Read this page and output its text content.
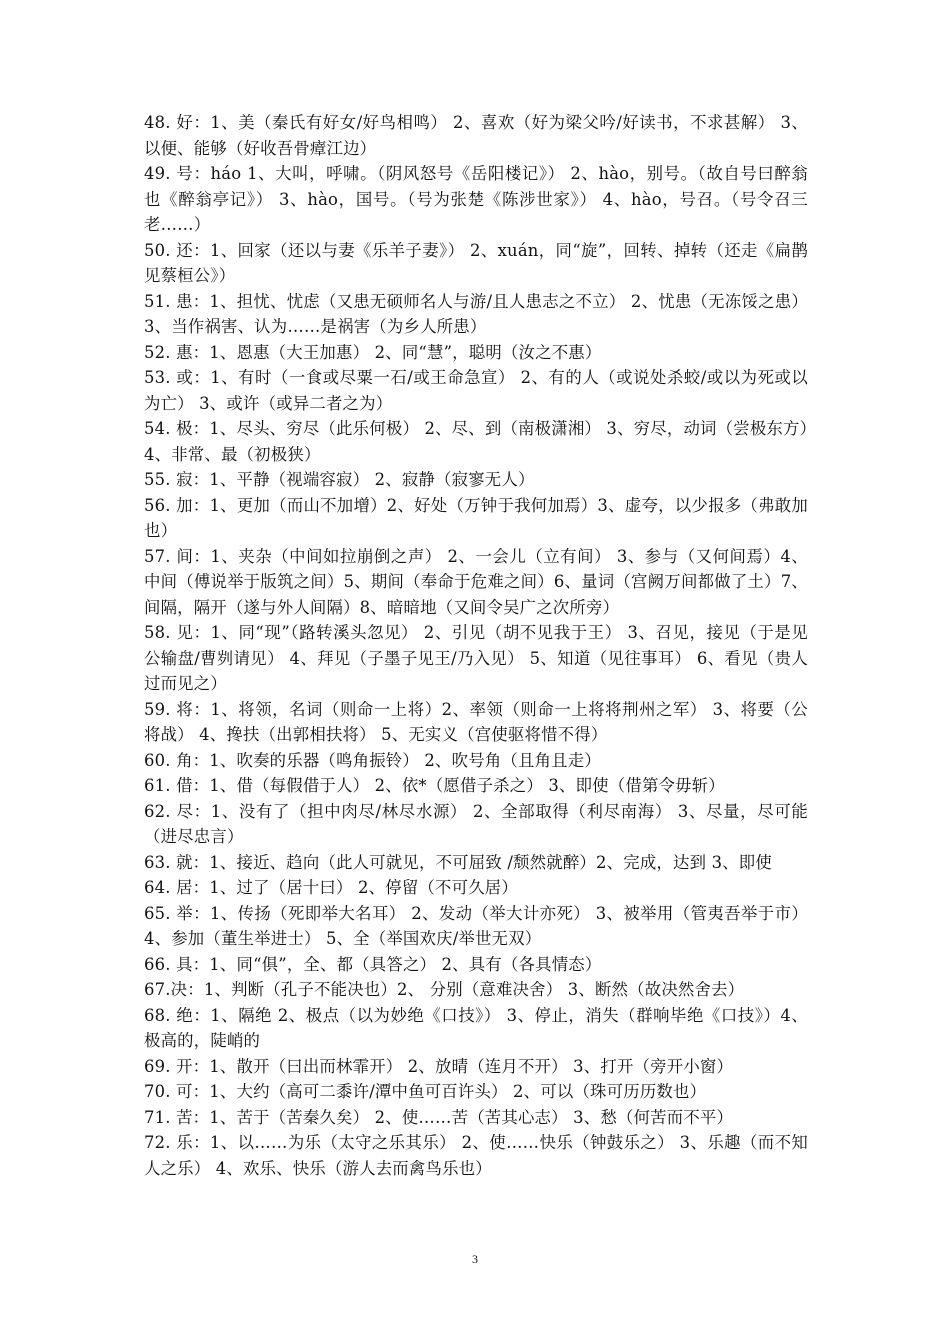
48. 好：1、美（秦氏有好女/好鸟相鸣） 2、喜欢（好为梁父吟/好读书，不求甚解） 3、以便、能够（好收吾骨瘴江边）

49. 号：háo 1、大叫，呼啸。（阴风怒号《岳阳楼记》） 2、hào，别号。（故自号曰醉翁也《醉翁亭记》） 3、hào，国号。（号为张楚《陈涉世家》） 4、hào，号召。（号令召三老……）

50. 还：1、回家（还以与妻《乐羊子妻》） 2、xuán，同“旋”，回转、掉转（还走《扁鹊见蔡桓公》）

51. 患：1、担忧、忧虑（又患无硕师名人与游/且人患志之不立） 2、忧患（无冻馁之患） 3、当作祸害、认为……是祸害（为乡人所患）

52. 惠：1、恩惠（大王加惠） 2、同“慧”，聪明（汝之不惠）

53. 或：1、有时（一食或尽粟一石/或王命急宣） 2、有的人（或说处杀蛟/或以为死或以为亡） 3、或许（或异二者之为）

54. 极：1、尽头、穷尽（此乐何极） 2、尽、到（南极潇湘） 3、穷尽，动词（尝极东方）4、非常、最（初极狭）

55. 寂：1、平静（视端容寂） 2、寂静（寂寥无人）

56. 加：1、更加（而山不加增）2、好处（万钟于我何加焉）3、虚夸，以少报多（弗敢加也）

57. 间：1、夹杂（中间如拉崩倒之声） 2、一会儿（立有间） 3、参与（又何间焉）4、中间（傅说举于版筑之间）5、期间（奉命于危难之间）6、量词（宫阙万间都做了土）7、间隔，隔开（遂与外人间隔）8、暗暗地（又间令吴广之次所旁）

58. 见：1、同“现”（路转溪头忽见） 2、引见（胡不见我于王） 3、召见，接见（于是见公输盘/曹刿请见） 4、拜见（子墨子见王/乃入见） 5、知道（见往事耳） 6、看见（贵人过而见之）

59. 将：1、将领，名词（则命一上将）2、率领（则命一上将将荆州之军） 3、将要（公将战） 4、搀扶（出郭相扶将） 5、无实义（宫使驱将惜不得）

60. 角：1、吹奏的乐器（鸣角振铃） 2、吹号角（且角且走）

61. 借：1、借（每假借于人） 2、依*（愿借子杀之） 3、即使（借第令毋斩）

62. 尽：1、没有了（担中肉尽/林尽水源） 2、全部取得（利尽南海） 3、尽量，尽可能（进尽忠言）

63. 就：1、接近、趋向（此人可就见，不可屈致 /颓然就醉）2、完成，达到 3、即使

64. 居：1、过了（居十曰） 2、停留（不可久居）

65. 举：1、传扬（死即举大名耳） 2、发动（举大计亦死） 3、被举用（管夷吾举于市）4、参加（董生举进士） 5、全（举国欢庆/举世无双）

66. 具：1、同“俱”，全、都（具答之） 2、具有（各具情态）

67.决：1、判断（孔子不能决也）2、 分别（意难决舍） 3、断然（故决然舍去）

68. 绝：1、隔绝 2、极点（以为妙绝《口技》） 3、停止，消失（群响毕绝《口技》）4、极高的，陡峭的

69. 开：1、散开（曰出而林霏开） 2、放晴（连月不开） 3、打开（旁开小窗）

70. 可：1、大约（高可二黍许/潭中鱼可百许头） 2、可以（珠可历历数也）

71. 苦：1、苦于（苦秦久矣） 2、使……苦（苦其心志） 3、愁（何苦而不平）

72. 乐：1、以……为乐（太守之乐其乐） 2、使……快乐（钟鼓乐之） 3、乐趣（而不知人之乐） 4、欢乐、快乐（游人去而禽鸟乐也）

3
